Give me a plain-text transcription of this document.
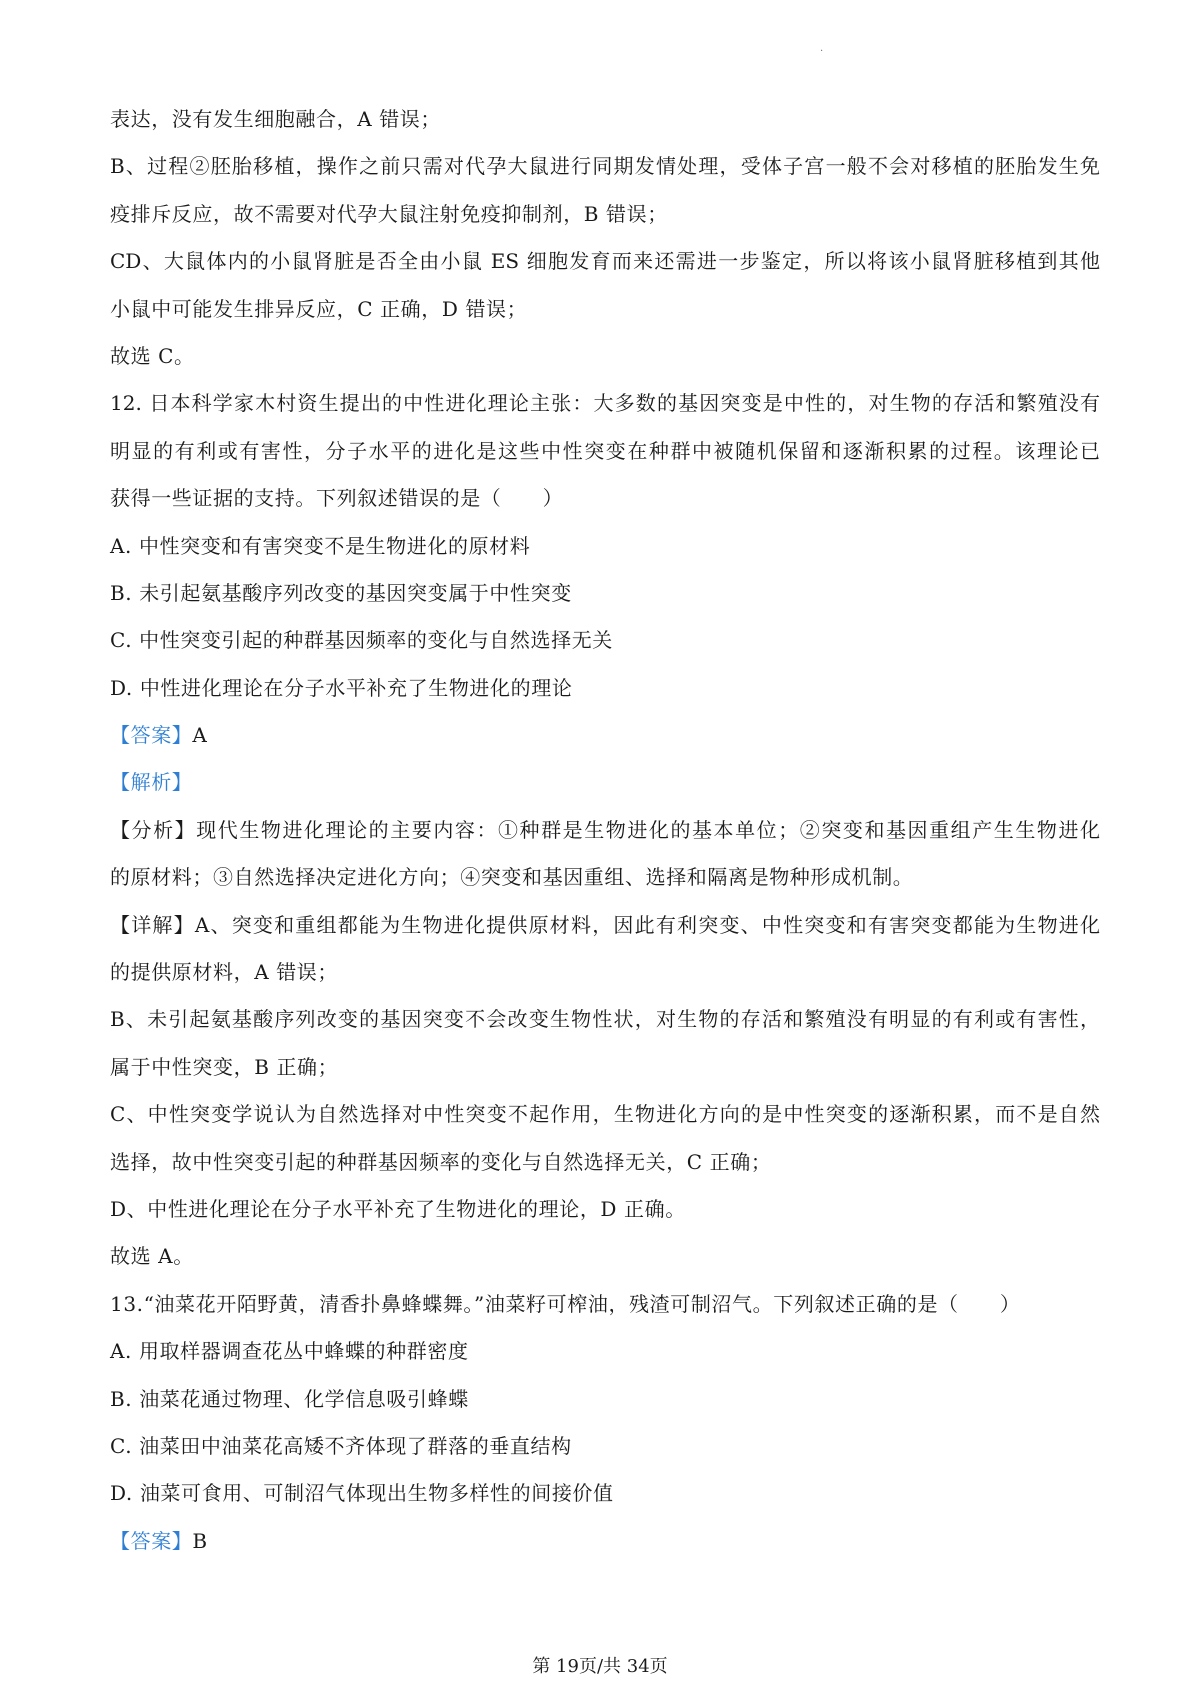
·
表达，没有发生细胞融合，A 错误；
B、过程②胚胎移植，操作之前只需对代孕大鼠进行同期发情处理，受体子宫一般不会对移植的胚胎发生免
疫排斥反应，故不需要对代孕大鼠注射免疫抑制剂，B 错误；
CD、大鼠体内的小鼠肾脏是否全由小鼠 ES 细胞发育而来还需进一步鉴定，所以将该小鼠肾脏移植到其他
小鼠中可能发生排异反应，C 正确，D 错误；
故选 C。
12. 日本科学家木村资生提出的中性进化理论主张：大多数的基因突变是中性的，对生物的存活和繁殖没有
明显的有利或有害性，分子水平的进化是这些中性突变在种群中被随机保留和逐渐积累的过程。该理论已
获得一些证据的支持。下列叙述错误的是（　　）
A. 中性突变和有害突变不是生物进化的原材料
B. 未引起氨基酸序列改变的基因突变属于中性突变
C. 中性突变引起的种群基因频率的变化与自然选择无关
D. 中性进化理论在分子水平补充了生物进化的理论
【答案】A
【解析】
【分析】现代生物进化理论的主要内容：①种群是生物进化的基本单位；②突变和基因重组产生生物进化
的原材料；③自然选择决定进化方向；④突变和基因重组、选择和隔离是物种形成机制。
【详解】A、突变和重组都能为生物进化提供原材料，因此有利突变、中性突变和有害突变都能为生物进化
的提供原材料，A 错误；
B、未引起氨基酸序列改变的基因突变不会改变生物性状，对生物的存活和繁殖没有明显的有利或有害性，
属于中性突变，B 正确；
C、中性突变学说认为自然选择对中性突变不起作用，生物进化方向的是中性突变的逐渐积累，而不是自然
选择，故中性突变引起的种群基因频率的变化与自然选择无关，C 正确；
D、中性进化理论在分子水平补充了生物进化的理论，D 正确。
故选 A。
13.“油菜花开陌野黄，清香扑鼻蜂蝶舞。”油菜籽可榨油，残渣可制沼气。下列叙述正确的是（　　）
A. 用取样器调查花丛中蜂蝶的种群密度
B. 油菜花通过物理、化学信息吸引蜂蝶
C. 油菜田中油菜花高矮不齐体现了群落的垂直结构
D. 油菜可食用、可制沼气体现出生物多样性的间接价值
【答案】B
第 19页/共 34页
